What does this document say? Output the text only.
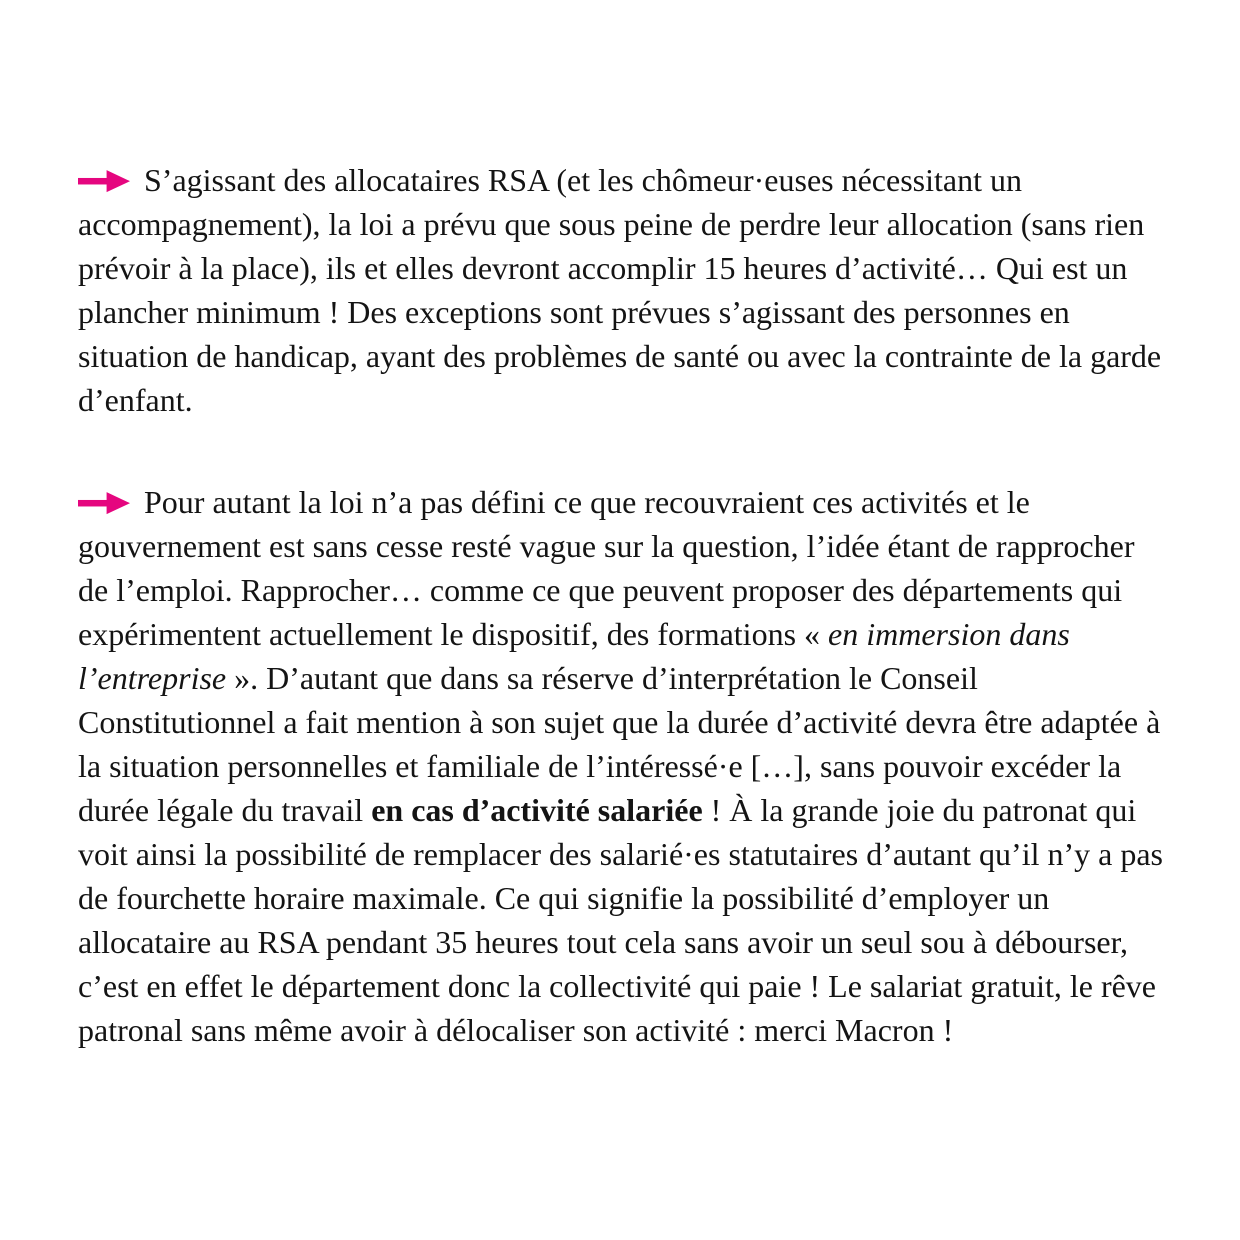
S’agissant des allocataires RSA (et les chômeur·euses nécessitant un accompagnement), la loi a prévu que sous peine de perdre leur allocation (sans rien prévoir à la place), ils et elles devront accomplir 15 heures d’activité… Qui est un plancher minimum ! Des exceptions sont prévues s’agissant des personnes en situation de handicap, ayant des problèmes de santé ou avec la contrainte de la garde d’enfant.

Pour autant la loi n’a pas défini ce que recouvraient ces activités et le gouvernement est sans cesse resté vague sur la question, l’idée étant de rapprocher de l’emploi. Rapprocher… comme ce que peuvent proposer des départements qui expérimentent actuellement le dispositif, des formations « en immersion dans l’entreprise ». D’autant que dans sa réserve d’interprétation le Conseil Constitutionnel a fait mention à son sujet que la durée d’activité devra être adaptée à la situation personnelles et familiale de l’intéressé·e […], sans pouvoir excéder la durée légale du travail en cas d’activité salariée ! À la grande joie du patronat qui voit ainsi la possibilité de remplacer des salarié·es statutaires d’autant qu’il n’y a pas de fourchette horaire maximale. Ce qui signifie la possibilité d’employer un allocataire au RSA pendant 35 heures tout cela sans avoir un seul sou à débourser, c’est en effet le département donc la collectivité qui paie ! Le salariat gratuit, le rêve patronal sans même avoir à délocaliser son activité : merci Macron !
